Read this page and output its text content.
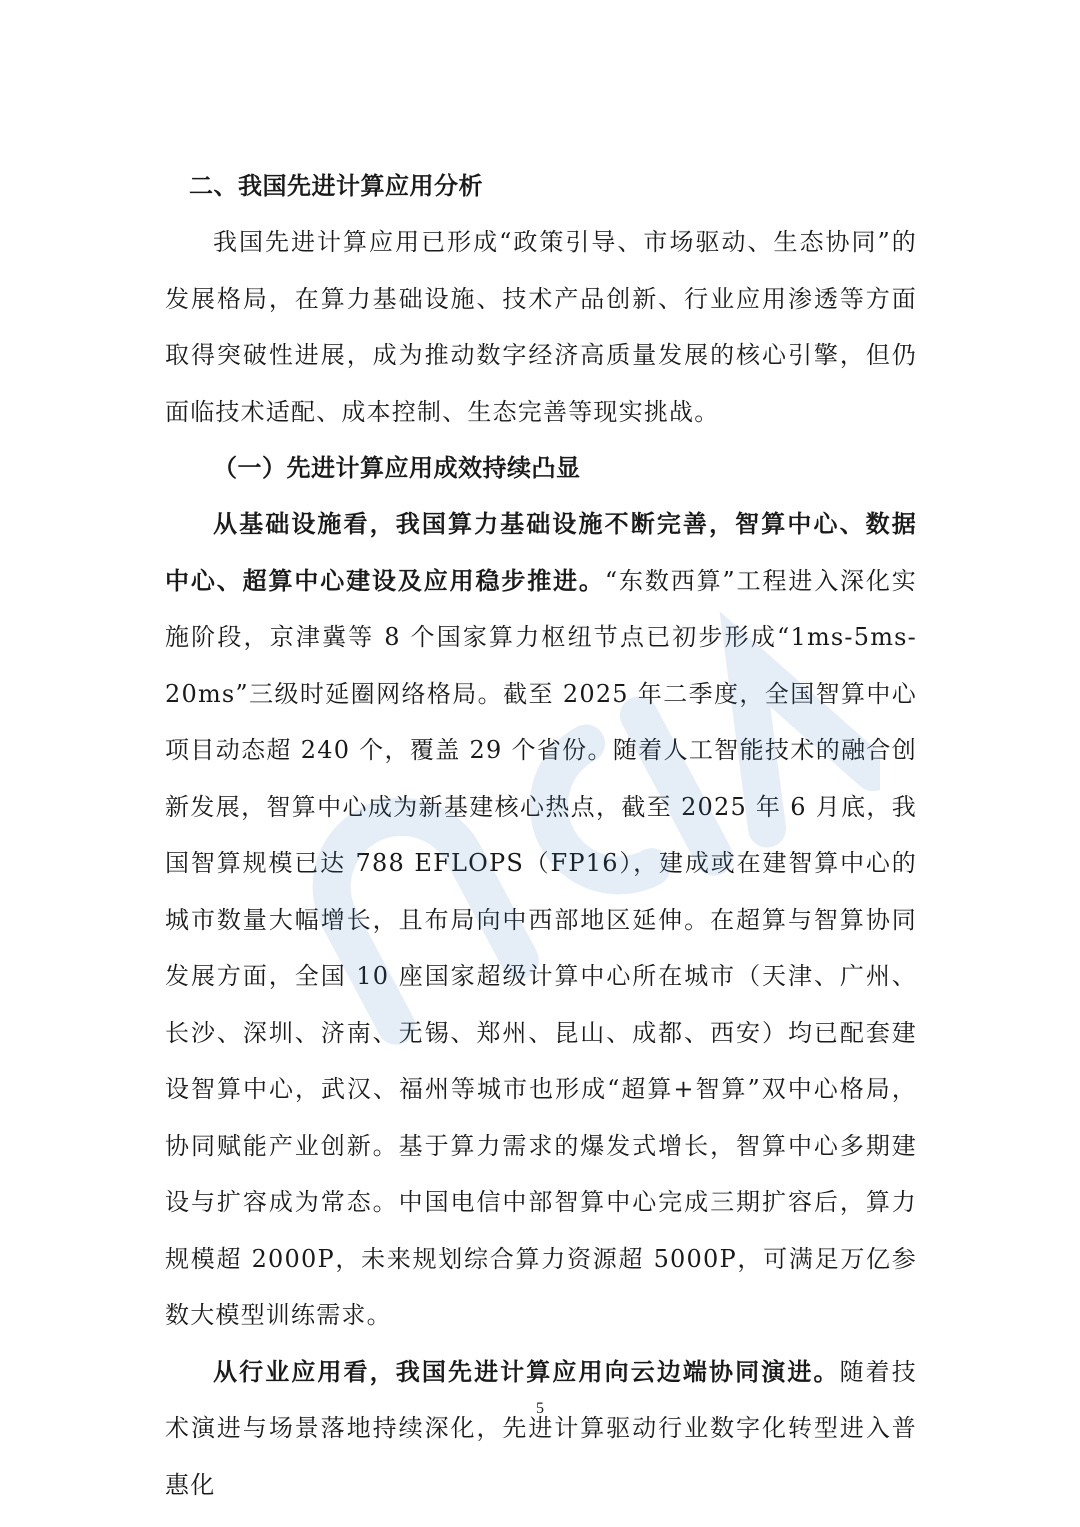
二、我国先进计算应用分析

我国先进计算应用已形成“政策引导、市场驱动、生态协同”的发展格局，在算力基础设施、技术产品创新、行业应用渗透等方面取得突破性进展，成为推动数字经济高质量发展的核心引擎，但仍面临技术适配、成本控制、生态完善等现实挑战。

（一）先进计算应用成效持续凸显

从基础设施看，我国算力基础设施不断完善，智算中心、数据中心、超算中心建设及应用稳步推进。“东数西算”工程进入深化实施阶段，京津冀等 8 个国家算力枢纽节点已初步形成“1ms-5ms-20ms”三级时延圈网络格局。截至 2025 年二季度，全国智算中心项目动态超 240 个，覆盖 29 个省份。随着人工智能技术的融合创新发展，智算中心成为新基建核心热点，截至 2025 年 6 月底，我国智算规模已达 788 EFLOPS（FP16），建成或在建智算中心的城市数量大幅增长，且布局向中西部地区延伸。在超算与智算协同发展方面，全国 10 座国家超级计算中心所在城市（天津、广州、长沙、深圳、济南、无锡、郑州、昆山、成都、西安）均已配套建设智算中心，武汉、福州等城市也形成“超算+智算”双中心格局，协同赋能产业创新。基于算力需求的爆发式增长，智算中心多期建设与扩容成为常态。中国电信中部智算中心完成三期扩容后，算力规模超 2000P，未来规划综合算力资源超 5000P，可满足万亿参数大模型训练需求。

从行业应用看，我国先进计算应用向云边端协同演进。随着技术演进与场景落地持续深化，先进计算驱动行业数字化转型进入普惠化

5
